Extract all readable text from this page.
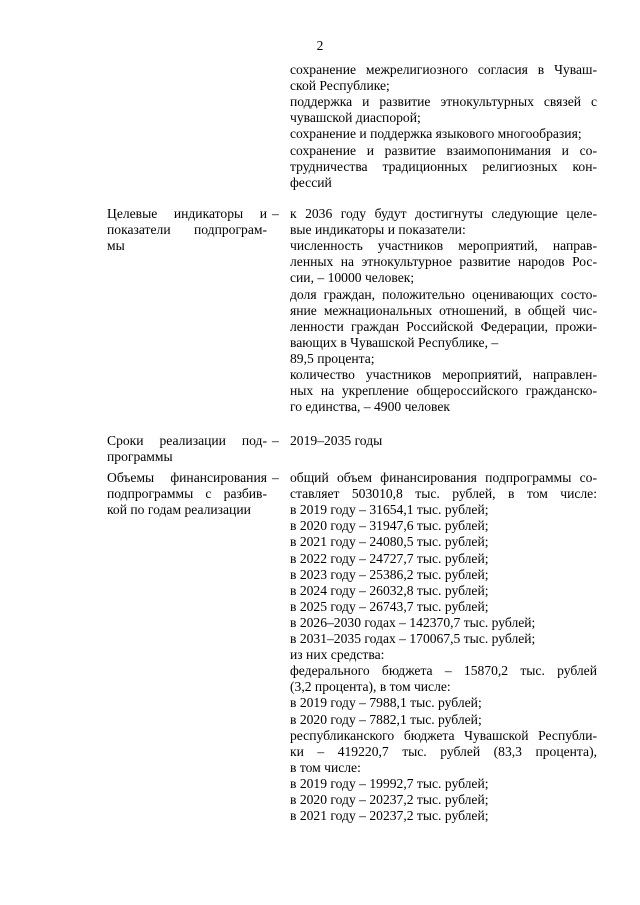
2
сохранение межрелигиозного согласия в Чуваш-
ской Республике;
поддержка и развитие этнокультурных связей с
чувашской диаспорой;
сохранение и поддержка языкового многообразия;
сохранение и развитие взаимопонимания и со-
трудничества традиционных религиозных кон-
фессий
Целевые индикаторы и
показатели подпрограм-
мы
– к 2036 году будут достигнуты следующие целе-
вые индикаторы и показатели:
численность участников мероприятий, направ-
ленных на этнокультурное развитие народов Рос-
сии, – 10000 человек;
доля граждан, положительно оценивающих состо-
яние межнациональных отношений, в общей чис-
ленности граждан Российской Федерации, прожи-
вающих в Чувашской Республике, –
89,5 процента;
количество участников мероприятий, направлен-
ных на укрепление общероссийского гражданско-
го единства, – 4900 человек
Сроки реализации под-
программы
– 2019–2035 годы
Объемы финансирования
подпрограммы с разбив-
кой по годам реализации
– общий объем финансирования подпрограммы со-
ставляет 503010,8 тыс. рублей, в том числе:
в 2019 году – 31654,1 тыс. рублей;
в 2020 году – 31947,6 тыс. рублей;
в 2021 году – 24080,5 тыс. рублей;
в 2022 году – 24727,7 тыс. рублей;
в 2023 году – 25386,2 тыс. рублей;
в 2024 году – 26032,8 тыс. рублей;
в 2025 году – 26743,7 тыс. рублей;
в 2026–2030 годах – 142370,7 тыс. рублей;
в 2031–2035 годах – 170067,5 тыс. рублей;
из них средства:
федерального бюджета – 15870,2 тыс. рублей
(3,2 процента), в том числе:
в 2019 году – 7988,1 тыс. рублей;
в 2020 году – 7882,1 тыс. рублей;
республиканского бюджета Чувашской Республи-
ки – 419220,7 тыс. рублей (83,3 процента),
в том числе:
в 2019 году – 19992,7 тыс. рублей;
в 2020 году – 20237,2 тыс. рублей;
в 2021 году – 20237,2 тыс. рублей;
